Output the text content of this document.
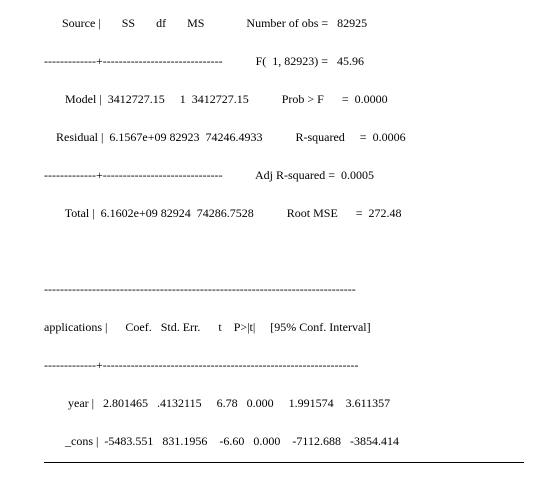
Source |       SS       df       MS              Number of obs =   82925
-------------+------------------------------           F(  1, 82923) =   45.96
Model |  3412727.15     1  3412727.15           Prob > F      =  0.0000
Residual |  6.1567e+09 82923  74246.4933           R-squared     =  0.0006
-------------+------------------------------           Adj R-squared =  0.0005
Total |  6.1602e+09 82924  74286.7528           Root MSE      =  272.48
------------------------------------------------------------------------------
applications |      Coef.   Std. Err.      t    P>|t|     [95% Conf. Interval]
-------------+----------------------------------------------------------------
year |   2.801465   .4132115     6.78   0.000     1.991574    3.611357
_cons |  -5483.551   831.1956    -6.60   0.000    -7112.688   -3854.414
